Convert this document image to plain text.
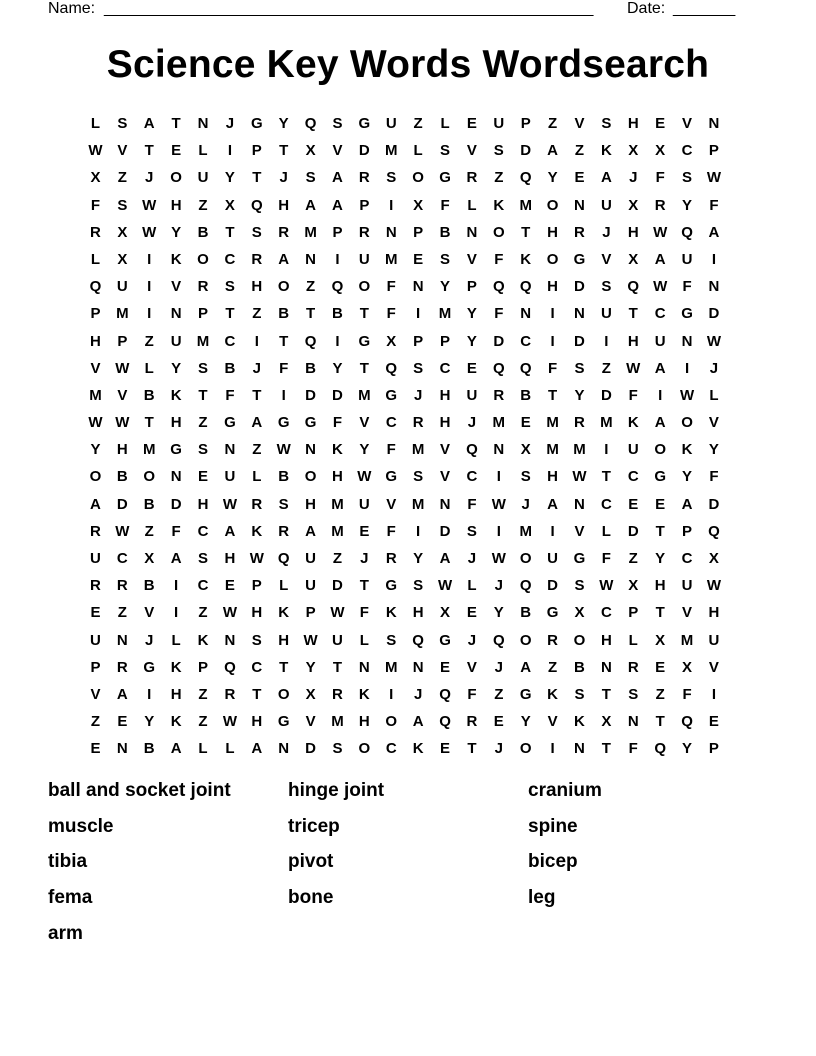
Name: _______________________________________________________ Date: _______
Science Key Words Wordsearch
L	S	A	T	N	J	G	Y	Q	S	G	U	Z	L	E	U	P	Z	V	S	H	E	V	N
W V	T	E	L	I	P	T	X	V	D	M	L	S	V	S	D	A	Z	K	X	X	C	P
X	Z	J	O	U	Y	T	J	S	A	R	S	O	G	R	Z	Q	Y	E	A	J	F	S W
F	S W H	Z	X	Q	H	A	A	P	I	X	F	L	K	M O	N	U	X	R	Y	F
R	X W Y	B	T	S	R	M	P	R	N	P	B	N	O	T	H	R	J	H W Q	A
L	X	I	K	O	C	R	A	N	I	U	M	E	S	V	F	K	O	G	V	X	A	U	I
Q	U	I	V	R	S	H	O	Z	Q	O	F	N	Y	P	Q	Q	H	D	S	Q W	F	N
P	M	I	N	P	T	Z	B	T	B	T	F	I	M	Y	F	N	I	N	U	T	C	G	D
H	P	Z	U	M	C	I	T	Q	I	G	X	P	P	Y	D	C	I	D	I	H	U	N W
V W	L	Y	S	B	J	F	B	Y	T	Q	S	C	E	Q	Q	F	S	Z	W A	I	J
M	V	B	K	T	F	T	I	D	D	M G	J	H	U	R	B	T	Y	D	F	I	W	L
W W	T	H	Z	G	A	G	G	F	V	C	R	H	J	M	E	M	R	M	K	A	O	V
Y	H	M G	S	N	Z	W N	K	Y	F	M	V	Q	N	X	M M	I	U	O	K	Y
O	B	O	N	E	U	L	B	O	H W G	S	V	C	I	S	H W	T	C	G	Y	F
A	D	B	D	H W R	S	H	M	U	V	M	N	F	W	J	A	N	C	E	E	A	D
R W	Z	F	C	A	K	R	A	M	E	F	I	D	S	I	M	I	V	L	D	T	P	Q
U	C	X	A	S	H W Q	U	Z	J	R	Y	A	J	W O	U	G	F	Z	Y	C	X
R	R	B	I	C	E	P	L	U	D	T	G	S W	L	J	Q	D	S W X	H	U W
E	Z	V	I	Z	W H	K	P W	F	K	H	X	E	Y	B	G	X	C	P	T	V	H
U	N	J	L	K	N	S	H W U	L	S	Q	G	J	Q	O	R	O	H	L	X	M	U
P	R	G	K	P	Q	C	T	Y	T	N	M	N	E	V	J	A	Z	B	N	R	E	X	V
V	A	I	H	Z	R	T	O	X	R	K	I	J	Q	F	Z	G	K	S	T	S	Z	F	I
Z	E	Y	K	Z	W H	G	V	M	H	O	A	Q	R	E	Y	V	K	X	N	T	Q	E
E	N	B	A	L	L	A	N	D	S	O	C	K	E	T	J	O	I	N	T	F	Q	Y	P
ball and socket joint	hinge joint	cranium
muscle	tricep	spine
tibia	pivot	bicep
fema	bone	leg
arm
